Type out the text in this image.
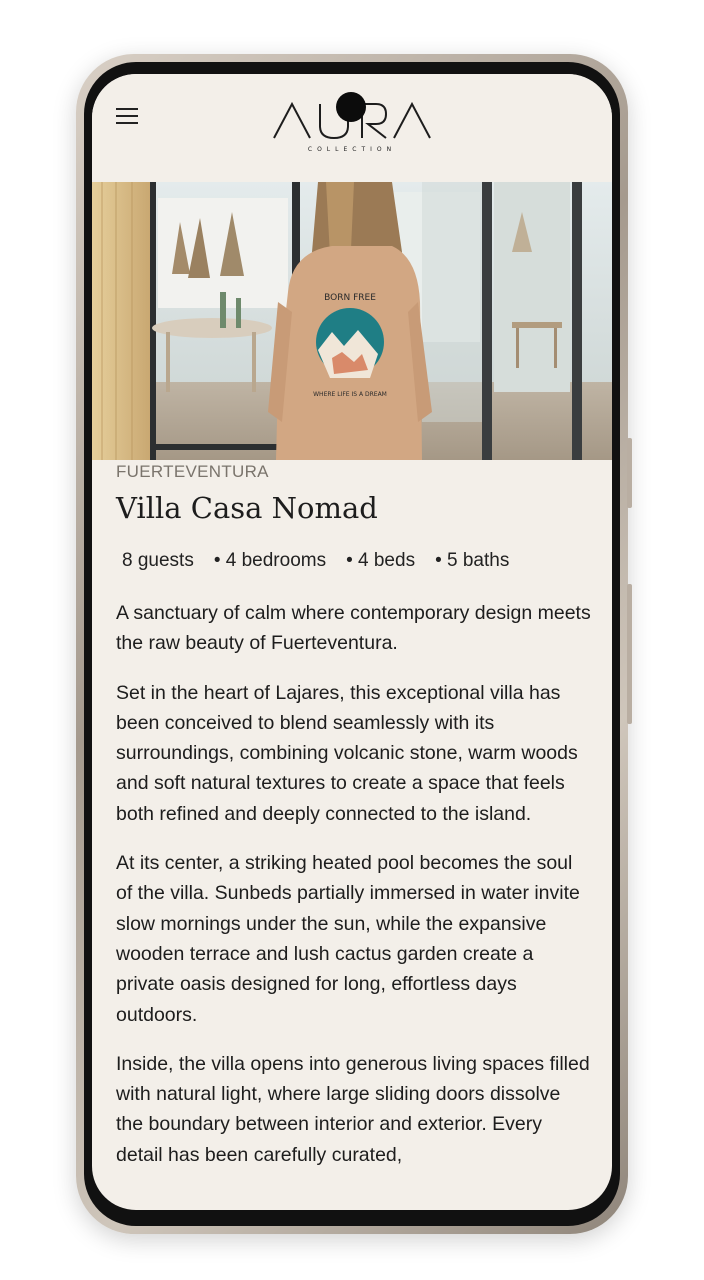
COLLECTION
BORN FREE
WHERE LIFE IS A DREAM

FUERTEVENTURA

Villa Casa Nomad
8 guests • 4 bedrooms • 4 beds • 5 baths

A sanctuary of calm where contemporary design meets the raw beauty of Fuerteventura.

Set in the heart of Lajares, this exceptional villa has been conceived to blend seamlessly with its surroundings, combining volcanic stone, warm woods and soft natural textures to create a space that feels both refined and deeply connected to the island.

At its center, a striking heated pool becomes the soul of the villa. Sunbeds partially immersed in water invite slow mornings under the sun, while the expansive wooden terrace and lush cactus garden create a private oasis designed for long, effortless days outdoors.

Inside, the villa opens into generous living spaces filled with natural light, where large sliding doors dissolve the boundary between interior and exterior. Every detail has been carefully curated,
